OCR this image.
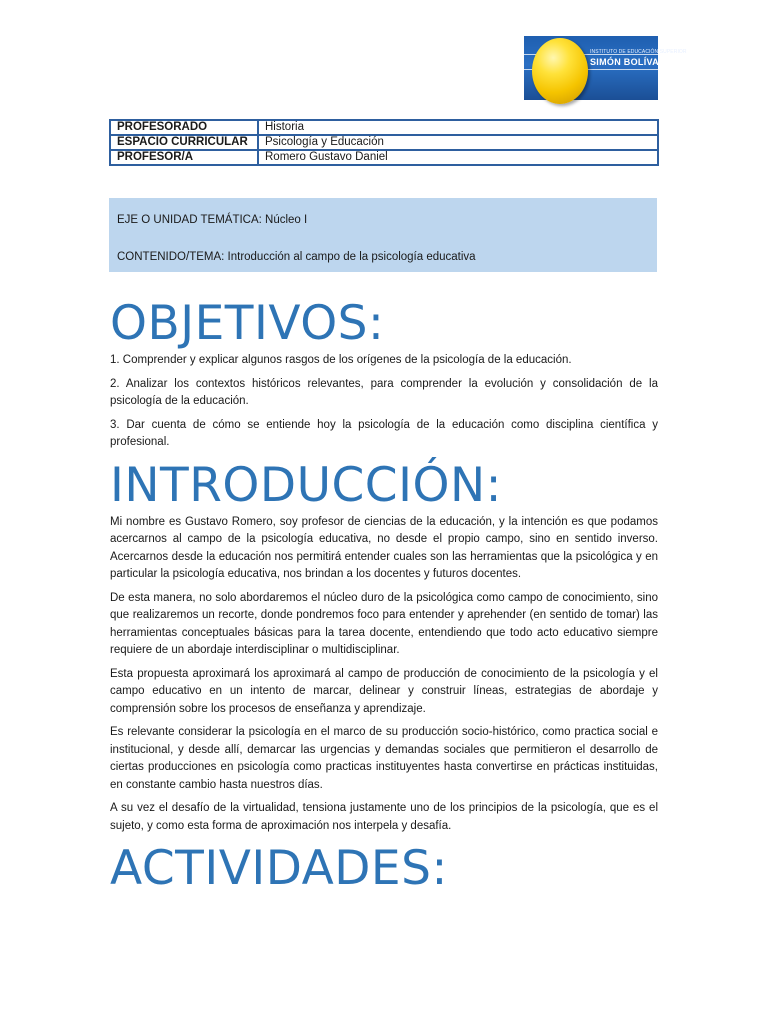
INSTITUTO DE EDUCACIÓN SUPERIOR
SIMÓN BOLÍVAR
PROFESORADO	Historia
ESPACIO CURRICULAR	Psicología y Educación
PROFESOR/A	Romero Gustavo Daniel
EJE O UNIDAD TEMÁTICA: Núcleo I
CONTENIDO/TEMA: Introducción al campo de la psicología educativa
OBJETIVOS:

1. Comprender y explicar algunos rasgos de los orígenes de la psicología de la educación.

2. Analizar los contextos históricos relevantes, para comprender la evolución y consolidación de la psicología de la educación.

3. Dar cuenta de cómo se entiende hoy la psicología de la educación como disciplina científica y profesional.

INTRODUCCIÓN:

Mi nombre es Gustavo Romero, soy profesor de ciencias de la educación, y la intención es que podamos acercarnos al campo de la psicología educativa, no desde el propio campo, sino en sentido inverso. Acercarnos desde la educación nos permitirá entender cuales son las herramientas que la psicológica y en particular la psicología educativa, nos brindan a los docentes y futuros docentes.

De esta manera, no solo abordaremos el núcleo duro de la psicológica como campo de conocimiento, sino que realizaremos un recorte, donde pondremos foco para entender y aprehender (en sentido de tomar) las herramientas conceptuales básicas para la tarea docente, entendiendo que todo acto educativo siempre requiere de un abordaje interdisciplinar o multidisciplinar.

Esta propuesta aproximará los aproximará al campo de producción de conocimiento de la psicología y el campo educativo en un intento de marcar, delinear y construir líneas, estrategias de abordaje y comprensión sobre los procesos de enseñanza y aprendizaje.

Es relevante considerar la psicología en el marco de su producción socio-histórico, como practica social e institucional, y desde allí, demarcar las urgencias y demandas sociales que permitieron el desarrollo de ciertas producciones en psicología como practicas instituyentes hasta convertirse en prácticas instituidas, en constante cambio hasta nuestros días.

A su vez el desafío de la virtualidad, tensiona justamente uno de los principios de la psicología, que es el sujeto, y como esta forma de aproximación nos interpela y desafía.

ACTIVIDADES:
